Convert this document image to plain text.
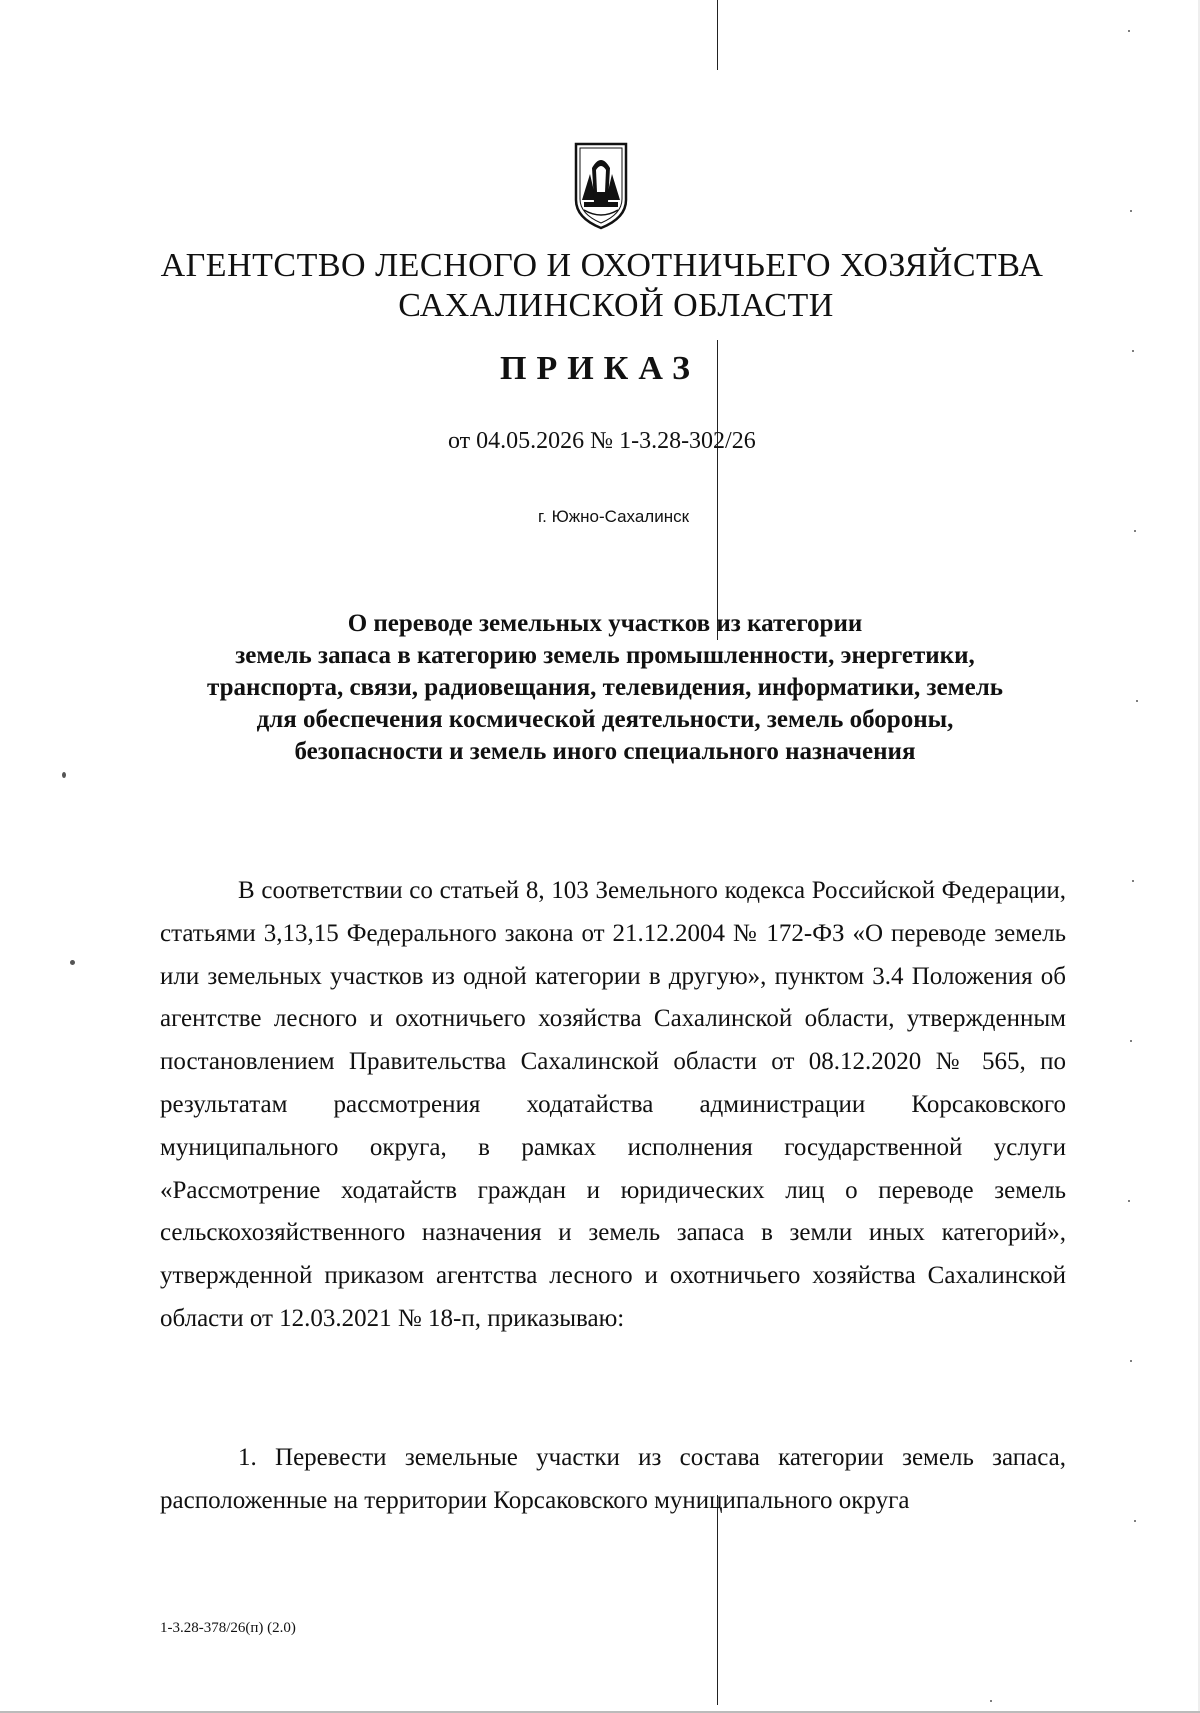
АГЕНТСТВО ЛЕСНОГО И ОХОТНИЧЬЕГО ХОЗЯЙСТВА
САХАЛИНСКОЙ ОБЛАСТИ
ПРИКАЗ
от 04.05.2026 № 1-3.28-302/26
г. Южно-Сахалинск
О переводе земельных участков из категории
земель запаса в категорию земель промышленности, энергетики,
транспорта, связи, радиовещания, телевидения, информатики, земель
для обеспечения космической деятельности, земель обороны,
безопасности и земель иного специального назначения

В соответствии со статьей 8, 103 Земельного кодекса Российской Федерации, статьями 3,13,15 Федерального закона от 21.12.2004 № 172-ФЗ «О переводе земель или земельных участков из одной категории в другую», пунктом 3.4 Положения об агентстве лесного и охотничьего хозяйства Сахалинской области, утвержденным постановлением Правительства Сахалинской области от 08.12.2020 № 565, по результатам рассмотрения ходатайства администрации Корсаковского муниципального округа, в рамках исполнения государственной услуги «Рассмотрение ходатайств граждан и юридических лиц о переводе земель сельскохозяйственного назначения и земель запаса в земли иных категорий», утвержденной приказом агентства лесного и охотничьего хозяйства Сахалинской области от 12.03.2021 № 18-п, приказываю:

1. Перевести земельные участки из состава категории земель запаса, расположенные на территории Корсаковского муниципального округа

1-3.28-378/26(п) (2.0)
